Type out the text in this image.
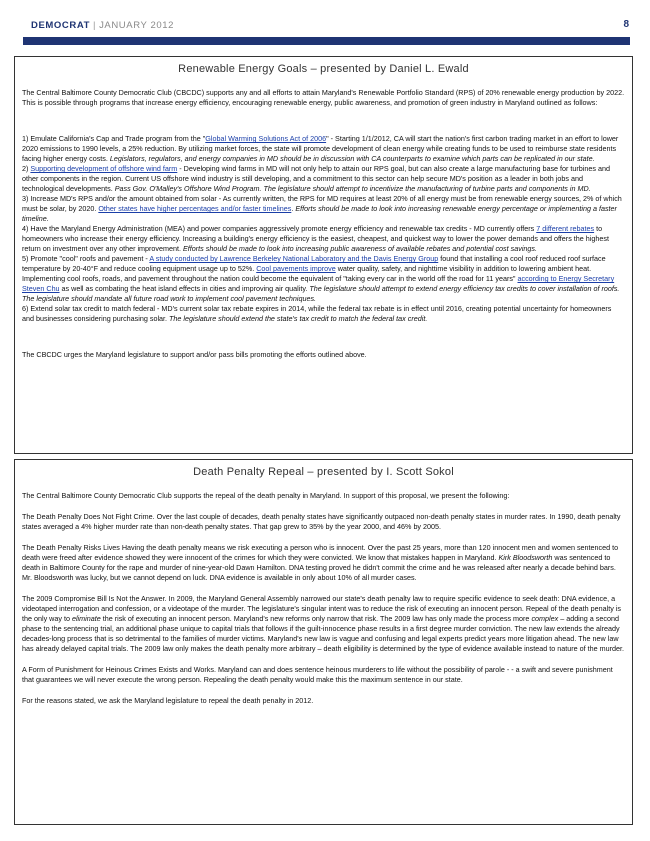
DEMOCRAT | JANUARY 2012	8
Renewable Energy Goals – presented by Daniel L. Ewald

The Central Baltimore County Democratic Club (CBCDC) supports any and all efforts to attain Maryland's Renewable Portfolio Standard (RPS) of 20% renewable energy production by 2022. This is possible through programs that increase energy efficiency, encouraging renewable energy, public awareness, and promotion of green industry in Maryland outlined as follows:

1) Emulate California's Cap and Trade program from the "Global Warming Solutions Act of 2006" - Starting 1/1/2012, CA will start the nation's first carbon trading market in an effort to lower 2020 emissions to 1990 levels, a 25% reduction. By utilizing market forces, the state will promote development of clean energy while creating funds to be used to reimburse state residents facing higher energy costs. Legislators, regulators, and energy companies in MD should be in discussion with CA counterparts to examine which parts can be replicated in our state.

2) Supporting development of offshore wind farm - Developing wind farms in MD will not only help to attain our RPS goal, but can also create a large manufacturing base for turbines and other components in the region. Current US offshore wind industry is still developing, and a commitment to this sector can help secure MD's position as a leader in both jobs and technological developments. Pass Gov. O'Malley's Offshore Wind Program. The legislature should attempt to incentivize the manufacturing of turbine parts and components in MD.

3) Increase MD's RPS and/or the amount obtained from solar - As currently written, the RPS for MD requires at least 20% of all energy must be from renewable energy sources, 2% of which must be solar, by 2020. Other states have higher percentages and/or faster timelines. Efforts should be made to look into increasing renewable energy percentage or implementing a faster timeline.

4) Have the Maryland Energy Administration (MEA) and power companies aggressively promote energy efficiency and renewable tax credits - MD currently offers 7 different rebates to homeowners who increase their energy efficiency. Increasing a building's energy efficiency is the easiest, cheapest, and quickest way to lower the power demands and offers the highest return on investment over any other improvement. Efforts should be made to look into increasing public awareness of available rebates and potential cost savings.

5) Promote "cool" roofs and pavement - A study conducted by Lawrence Berkeley National Laboratory and the Davis Energy Group found that installing a cool roof reduced roof surface temperature by 20-40°F and reduce cooling equipment usage up to 52%. Cool pavements improve water quality, safety, and nighttime visibility in addition to lowering ambient heat. Implementing cool roofs, roads, and pavement throughout the nation could become the equivalent of "taking every car in the world off the road for 11 years" according to Energy Secretary Steven Chu as well as combating the heat island effects in cities and improving air quality. The legislature should attempt to extend energy efficiency tax credits to cover installation of roofs. The legislature should mandate all future road work to implement cool pavement techniques.

6) Extend solar tax credit to match federal - MD's current solar tax rebate expires in 2014, while the federal tax rebate is in effect until 2016, creating potential uncertainty for homeowners and businesses considering purchasing solar. The legislature should extend the state's tax credit to match the federal tax credit.

The CBCDC urges the Maryland legislature to support and/or pass bills promoting the efforts outlined above.

Death Penalty Repeal – presented by I. Scott Sokol

The Central Baltimore County Democratic Club supports the repeal of the death penalty in Maryland. In support of this proposal, we present the following:

The Death Penalty Does Not Fight Crime. Over the last couple of decades, death penalty states have significantly outpaced non-death penalty states in murder rates. In 1990, death penalty states averaged a 4% higher murder rate than non-death penalty states. That gap grew to 35% by the year 2000, and 46% by 2005.

The Death Penalty Risks Lives Having the death penalty means we risk executing a person who is innocent. Over the past 25 years, more than 120 innocent men and women sentenced to death were freed after evidence showed they were innocent of the crimes for which they were convicted. We know that mistakes happen in Maryland. Kirk Bloodsworth was sentenced to death in Baltimore County for the rape and murder of nine-year-old Dawn Hamilton. DNA testing proved he didn't commit the crime and he was released after nearly a decade behind bars. Mr. Bloodsworth was lucky, but we cannot depend on luck. DNA evidence is available in only about 10% of all murder cases.

The 2009 Compromise Bill Is Not the Answer. In 2009, the Maryland General Assembly narrowed our state's death penalty law to require specific evidence to seek death: DNA evidence, a videotaped interrogation and confession, or a videotape of the murder. The legislature's singular intent was to reduce the risk of executing an innocent person. Repeal of the death penalty is the only way to eliminate the risk of executing an innocent person. Maryland's new reforms only narrow that risk. The 2009 law has only made the process more complex – adding a second phase to the sentencing trial, an additional phase unique to capital trials that follows if the guilt-innocence phase results in a first degree murder conviction. The new law extends the already decades-long process that is so detrimental to the families of murder victims. Maryland's new law is vague and confusing and legal experts predict years more litigation ahead. The new law has already delayed capital trials. The 2009 law only makes the death penalty more arbitrary – death eligibility is determined by the type of evidence available instead to nature of the murder.

A Form of Punishment for Heinous Crimes Exists and Works. Maryland can and does sentence heinous murderers to life without the possibility of parole - - a swift and severe punishment that guarantees we will never execute the wrong person. Repealing the death penalty would make this the maximum sentence in our state.

For the reasons stated, we ask the Maryland legislature to repeal the death penalty in 2012.
